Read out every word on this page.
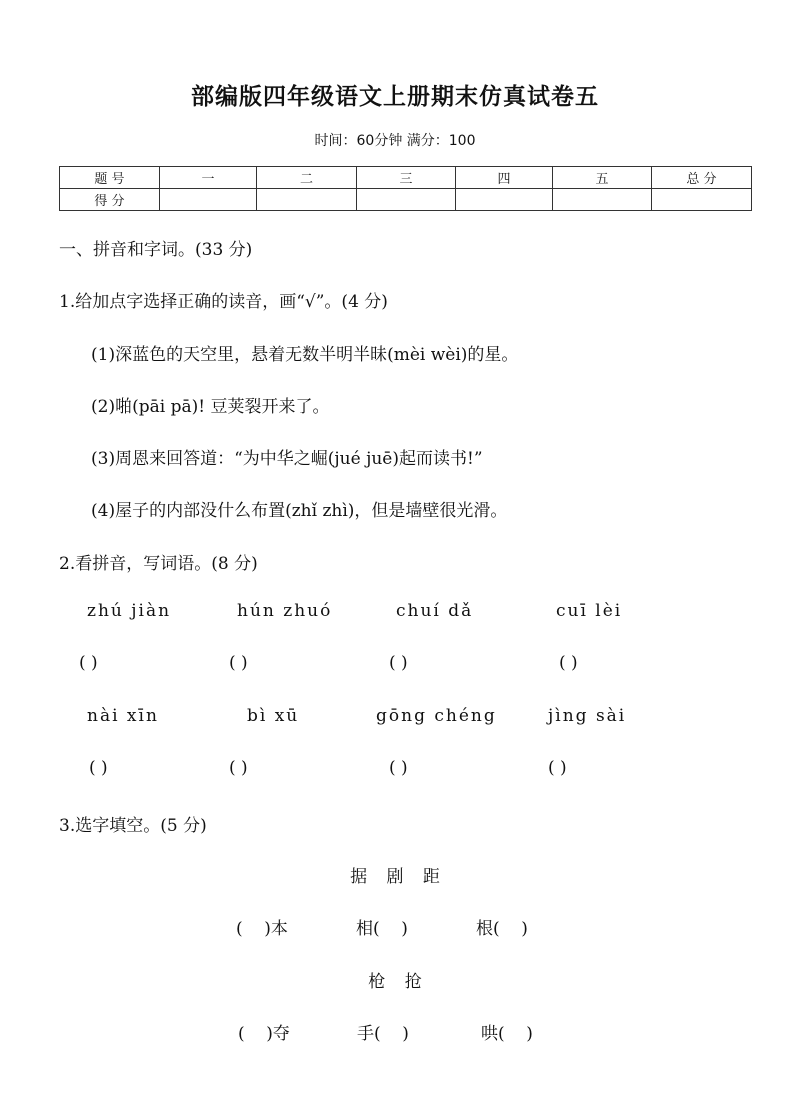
部编版四年级语文上册期末仿真试卷五
时间：60分钟 满分：100
题 号	一	二	三	四	五	总 分
得 分						
一、拼音和字词。(33 分)
1.给加点字选择正确的读音，画“√”。(4 分)
(1)深蓝色的天空里，悬着无数半明半昧(mèi wèi)的星。
(2)啪(pāi pā)! 豆荚裂开来了。
(3)周恩来回答道：“为中华之崛(jué juē)起而读书!”
(4)屋子的内部没什么布置(zhǐ zhì)，但是墙壁很光滑。
2.看拼音，写词语。(8 分)
zhú jiàn	hún zhuó	chuí dǎ	cuī lèi
( )	( )	( )	( )
nài xīn	bì xū	gōng chéng	jìng sài
( )	( )	( )	( )
3.选字填空。(5 分)
据 剧 距
(    )本	相(    )	根(    )
枪 抢
(    )夺	手(    )	哄(    )
